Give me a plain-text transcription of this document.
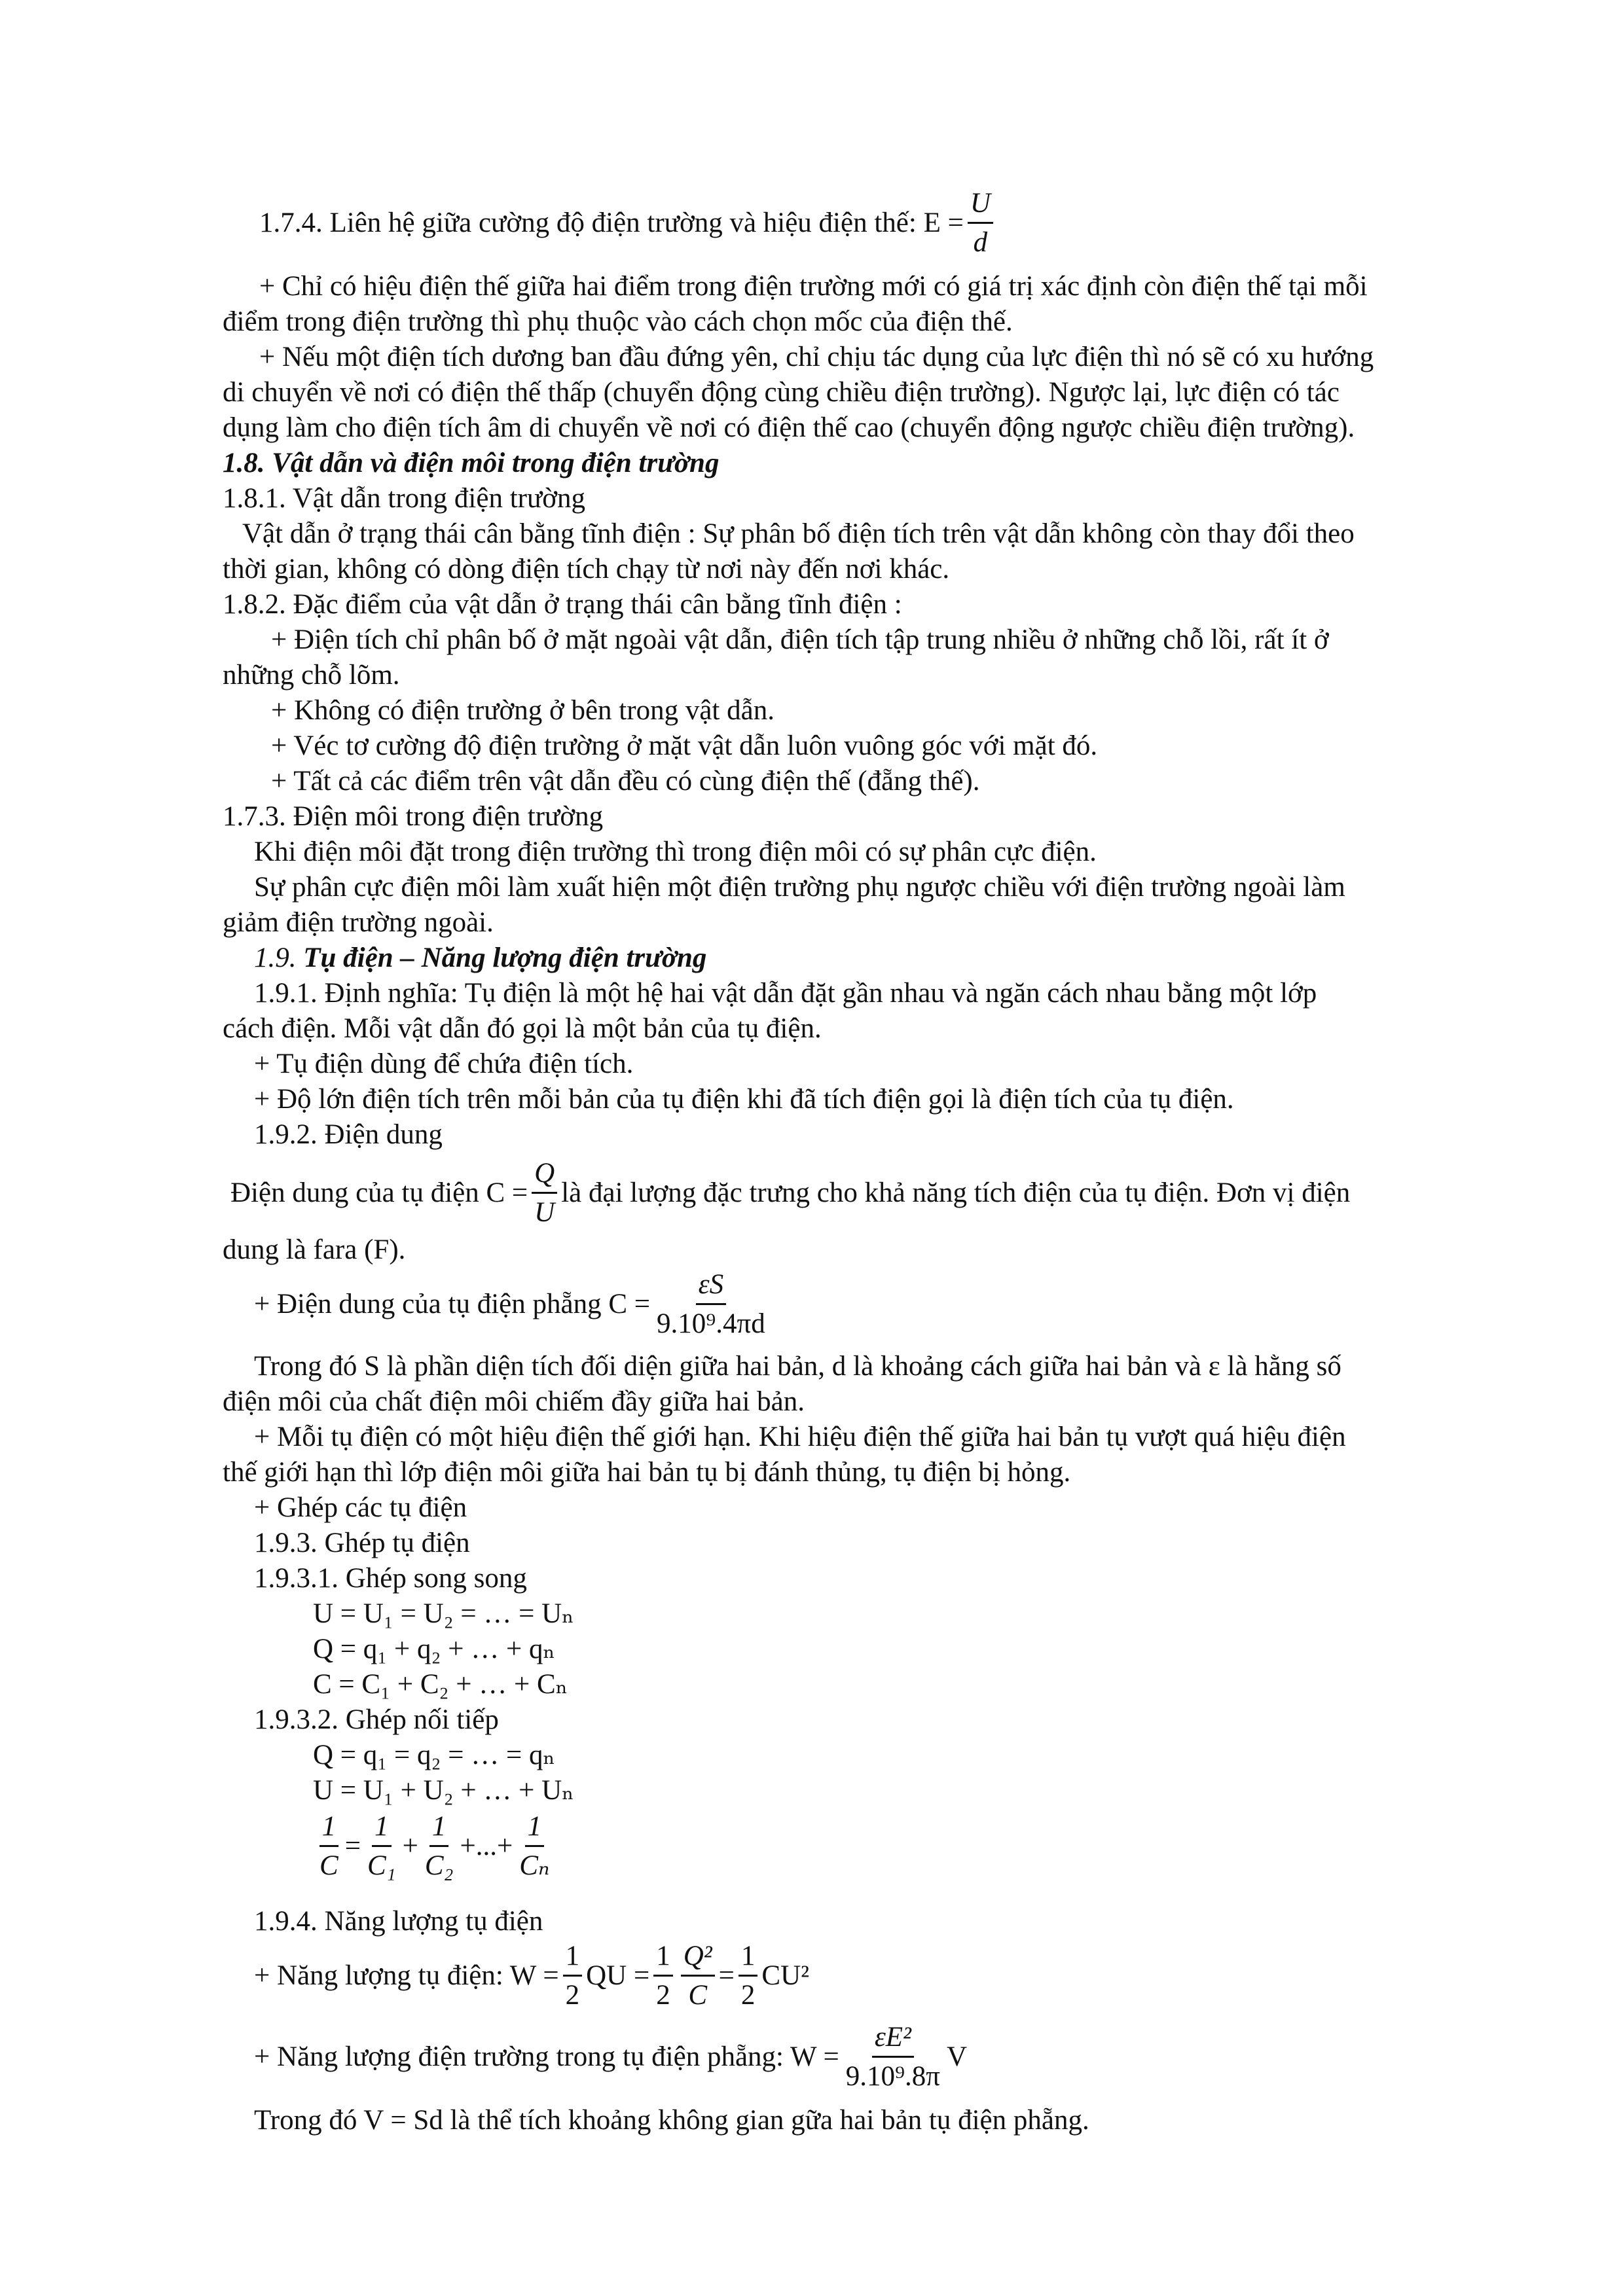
1.7.4. Liên hệ giữa cường độ điện trường và hiệu điện thế: $E = \frac{U}{d}$
+ Chỉ có hiệu điện thế giữa hai điểm trong điện trường mới có giá trị xác định còn điện thế tại mỗi
điểm trong điện trường thì phụ thuộc vào cách chọn mốc của điện thế.
+ Nếu một điện tích dương ban đầu đứng yên, chỉ chịu tác dụng của lực điện thì nó sẽ có xu hướng
di chuyển về nơi có điện thế thấp (chuyển động cùng chiều điện trường). Ngược lại, lực điện có tác
dụng làm cho điện tích âm di chuyển về nơi có điện thế cao (chuyển động ngược chiều điện trường).
1.8. Vật dẫn và điện môi trong điện trường
1.8.1. Vật dẫn trong điện trường
Vật dẫn ở trạng thái cân bằng tĩnh điện : Sự phân bố điện tích trên vật dẫn không còn thay đổi theo
thời gian, không có dòng điện tích chạy từ nơi này đến nơi khác.
1.8.2. Đặc điểm của vật dẫn ở trạng thái cân bằng tĩnh điện :
+ Điện tích chỉ phân bố ở mặt ngoài vật dẫn, điện tích tập trung nhiều ở những chỗ lồi, rất ít ở
những chỗ lõm.
+ Không có điện trường ở bên trong vật dẫn.
+ Véc tơ cường độ điện trường ở mặt vật dẫn luôn vuông góc với mặt đó.
+ Tất cả các điểm trên vật dẫn đều có cùng điện thế (đẵng thế).
1.7.3. Điện môi trong điện trường
Khi điện môi đặt trong điện trường thì trong điện môi có sự phân cực điện.
Sự phân cực điện môi làm xuất hiện một điện trường phụ ngược chiều với điện trường ngoài làm
giảm điện trường ngoài.
1.9. Tụ điện – Năng lượng điện trường
1.9.1. Định nghĩa: Tụ điện là một hệ hai vật dẫn đặt gần nhau và ngăn cách nhau bằng một lớp
cách điện. Mỗi vật dẫn đó gọi là một bản của tụ điện.
+ Tụ điện dùng để chứa điện tích.
+ Độ lớn điện tích trên mỗi bản của tụ điện khi đã tích điện gọi là điện tích của tụ điện.
1.9.2. Điện dung
Điện dung của tụ điện $C = \frac{Q}{U}$ là đại lượng đặc trưng cho khả năng tích điện của tụ điện. Đơn vị điện
dung là fara (F).
+ Điện dung của tụ điện phẵng $C = \frac{\varepsilon S}{\text{9.10⁹.4πd}}$
Trong đó S là phần diện tích đối diện giữa hai bản, d là khoảng cách giữa hai bản và ε là hằng số
điện môi của chất điện môi chiếm đầy giữa hai bản.
+ Mỗi tụ điện có một hiệu điện thế giới hạn. Khi hiệu điện thế giữa hai bản tụ vượt quá hiệu điện
thế giới hạn thì lớp điện môi giữa hai bản tụ bị đánh thủng, tụ điện bị hỏng.
+ Ghép các tụ điện
1.9.3. Ghép tụ điện
1.9.3.1. Ghép song song
U = U₁ = U₂ = … = Uₙ
Q = q₁ + q₂ + … + qₙ
C = C₁ + C₂ + … + Cₙ
1.9.3.2. Ghép nối tiếp
Q = q₁ = q₂ = … = qₙ
U = U₁ + U₂ + … + Uₙ
$\frac{1}{C} = \frac{1}{\text{C₁}} + \frac{1}{\text{C₂}}$ +...+ $\frac{1}{\text{Cₙ}}$
1.9.4. Năng lượng tụ điện
+ Năng lượng tụ điện: $W = \frac{1}{2}$ QU = $\frac{1}{2} \frac{\text{Q²}}{C} = \frac{1}{2} CU^2$
+ Năng lượng điện trường trong tụ điện phẵng: $W = \frac{\text{εE²}}{\text{9.10⁹.8π}}$ V
Trong đó V = Sd là thể tích khoảng không gian gữa hai bản tụ điện phẵng.
